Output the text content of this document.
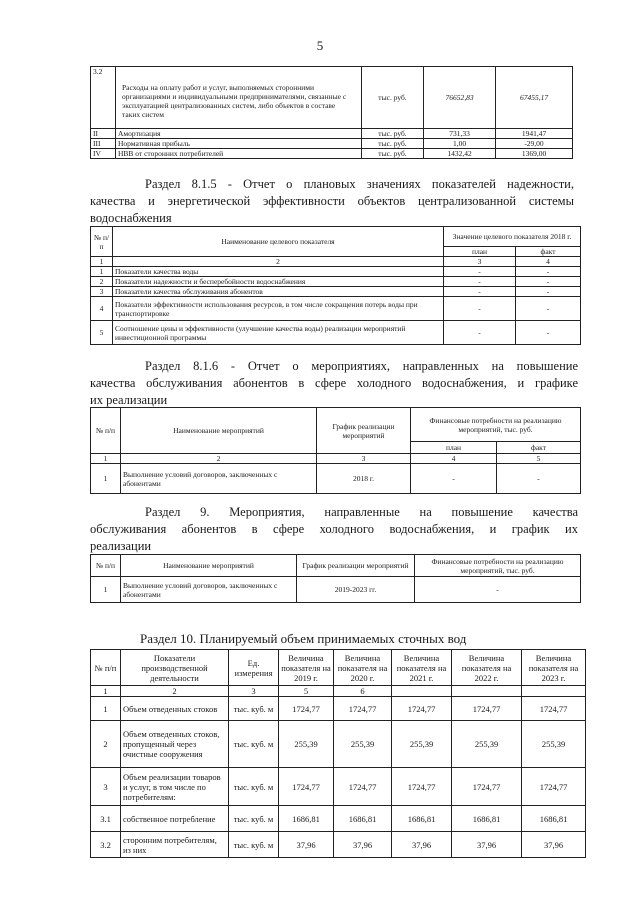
5
3.2	Расходы на оплату работ и услуг, выполняемых сторонними организациями и индивидуальными предпринимателями, связанные с эксплуатацией централизованных систем, либо объектов в составе таких систем	тыс. руб.	76652,83	67455,17
II	Амортизация	тыс. руб.	731,33	1941,47
III	Нормативная прибыль	тыс. руб.	1,00	-29,00
IV	НВВ от сторонних потребителей	тыс. руб.	1432,42	1369,00
Раздел 8.1.5 - Отчет о плановых значениях показателей надежности,
качества и энергетической эффективности объектов централизованной системы
водоснабжения
№ п/п	Наименование целевого показателя	Значение целевого показателя 2018 г.	
		план	факт
1	2	3	4
1	Показатели качества воды	-	-
2	Показатели надежности и бесперебойности водоснабжения	-	-
3	Показатели качества обслуживания абонентов	-	-
4	Показатели эффективности использования ресурсов, в том числе сокращения потерь воды при транспортировке	-	-
5	Соотношение цены и эффективности (улучшение качества воды) реализации мероприятий инвестиционной программы	-	-
Раздел 8.1.6 - Отчет о мероприятиях, направленных на повышение
качества обслуживания абонентов в сфере холодного водоснабжения, и графике
их реализации
№ п/п	Наименование мероприятий	График реализации мероприятий	Финансовые потребности на реализацию мероприятий, тыс. руб.	
			план	факт
1	2	3	4	5
1	Выполнение условий договоров, заключенных с абонентами	2018 г.	-	-
Раздел 9. Мероприятия, направленные на повышение качества
обслуживания абонентов в сфере холодного водоснабжения, и график их
реализации
№ п/п	Наименование мероприятий	График реализации мероприятий	Финансовые потребности на реализацию мероприятий, тыс. руб.
1	Выполнение условий договоров, заключенных с абонентами	2019-2023 гг.	-
Раздел 10. Планируемый объем принимаемых сточных вод
№ п/п	Показатели производственной деятельности	Ед. измерения	Величина показателя на 2019 г.	Величина показателя на 2020 г.	Величина показателя на 2021 г.	Величина показателя на 2022 г.	Величина показателя на 2023 г.
1	2	3	5	6			
1	Объем отведенных стоков	тыс. куб. м	1724,77	1724,77	1724,77	1724,77	1724,77
2	Объем отведенных стоков, пропущенный через очистные сооружения	тыс. куб. м	255,39	255,39	255,39	255,39	255,39
3	Объем реализации товаров и услуг, в том числе по потребителям:	тыс. куб. м	1724,77	1724,77	1724,77	1724,77	1724,77
3.1	собственное потребление	тыс. куб. м	1686,81	1686,81	1686,81	1686,81	1686,81
3.2	сторонним потребителям, из них	тыс. куб. м	37,96	37,96	37,96	37,96	37,96
